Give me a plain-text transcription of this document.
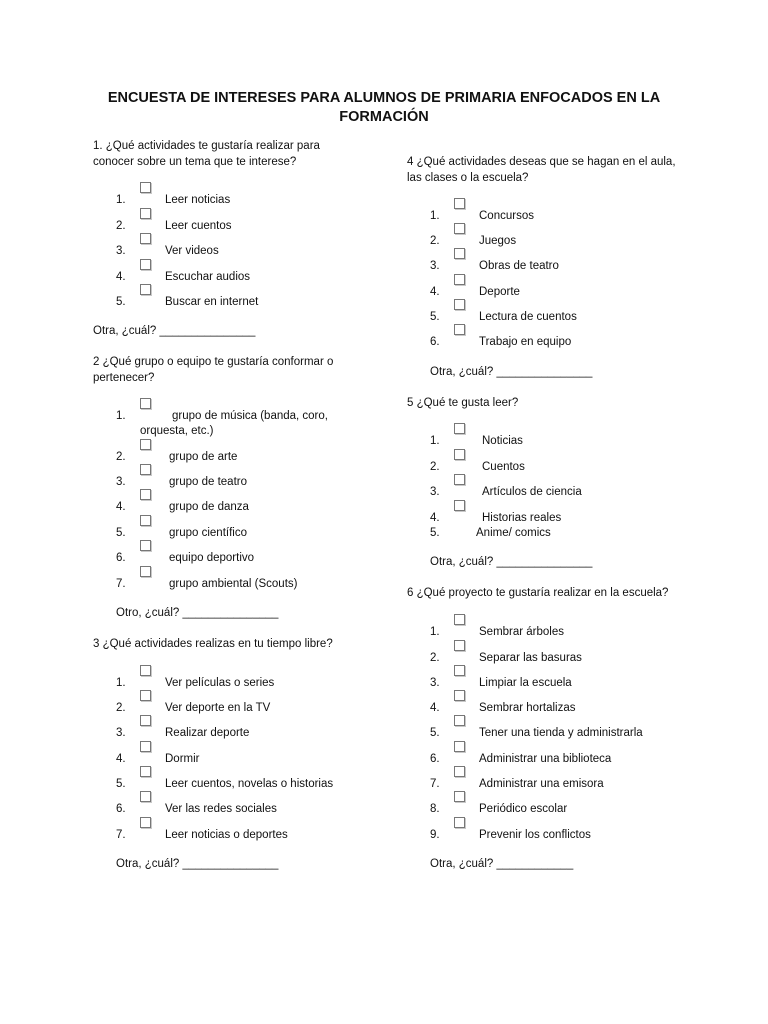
ENCUESTA DE INTERESES PARA ALUMNOS DE PRIMARIA ENFOCADOS EN LA
FORMACIÓN
1. ¿Qué actividades te gustaría realizar para
conocer sobre un tema que te interese?
1.	Leer noticias
2.	Leer cuentos
3.	Ver videos
4.	Escuchar audios
5.	Buscar en internet
Otra, ¿cuál? _______________
2 ¿Qué grupo o equipo te gustaría conformar o
pertenecer?
1.	grupo de música (banda, coro,
orquesta, etc.)
2.	grupo de arte
3.	grupo de teatro
4.	grupo de danza
5.	grupo científico
6.	equipo deportivo
7.	grupo ambiental (Scouts)
Otro, ¿cuál? _______________
3 ¿Qué actividades realizas en tu tiempo libre?
1.	Ver películas o series
2.	Ver deporte en la TV
3.	Realizar deporte
4.	Dormir
5.	Leer cuentos, novelas o historias
6.	Ver las redes sociales
7.	Leer noticias o deportes
Otra, ¿cuál? _______________
4 ¿Qué actividades deseas que se hagan en el aula,
las clases o la escuela?
1.	Concursos
2.	Juegos
3.	Obras de teatro
4.	Deporte
5.	Lectura de cuentos
6.	Trabajo en equipo
Otra, ¿cuál? _______________
5 ¿Qué te gusta leer?
1.	Noticias
2.	Cuentos
3.	Artículos de ciencia
4.	Historias reales
5.	Anime/ comics
Otra, ¿cuál? _______________
6 ¿Qué proyecto te gustaría realizar en la escuela?
1.	Sembrar árboles
2.	Separar las basuras
3.	Limpiar la escuela
4.	Sembrar hortalizas
5.	Tener una tienda y administrarla
6.	Administrar una biblioteca
7.	Administrar una emisora
8.	Periódico escolar
9.	Prevenir los conflictos
Otra, ¿cuál? ____________
